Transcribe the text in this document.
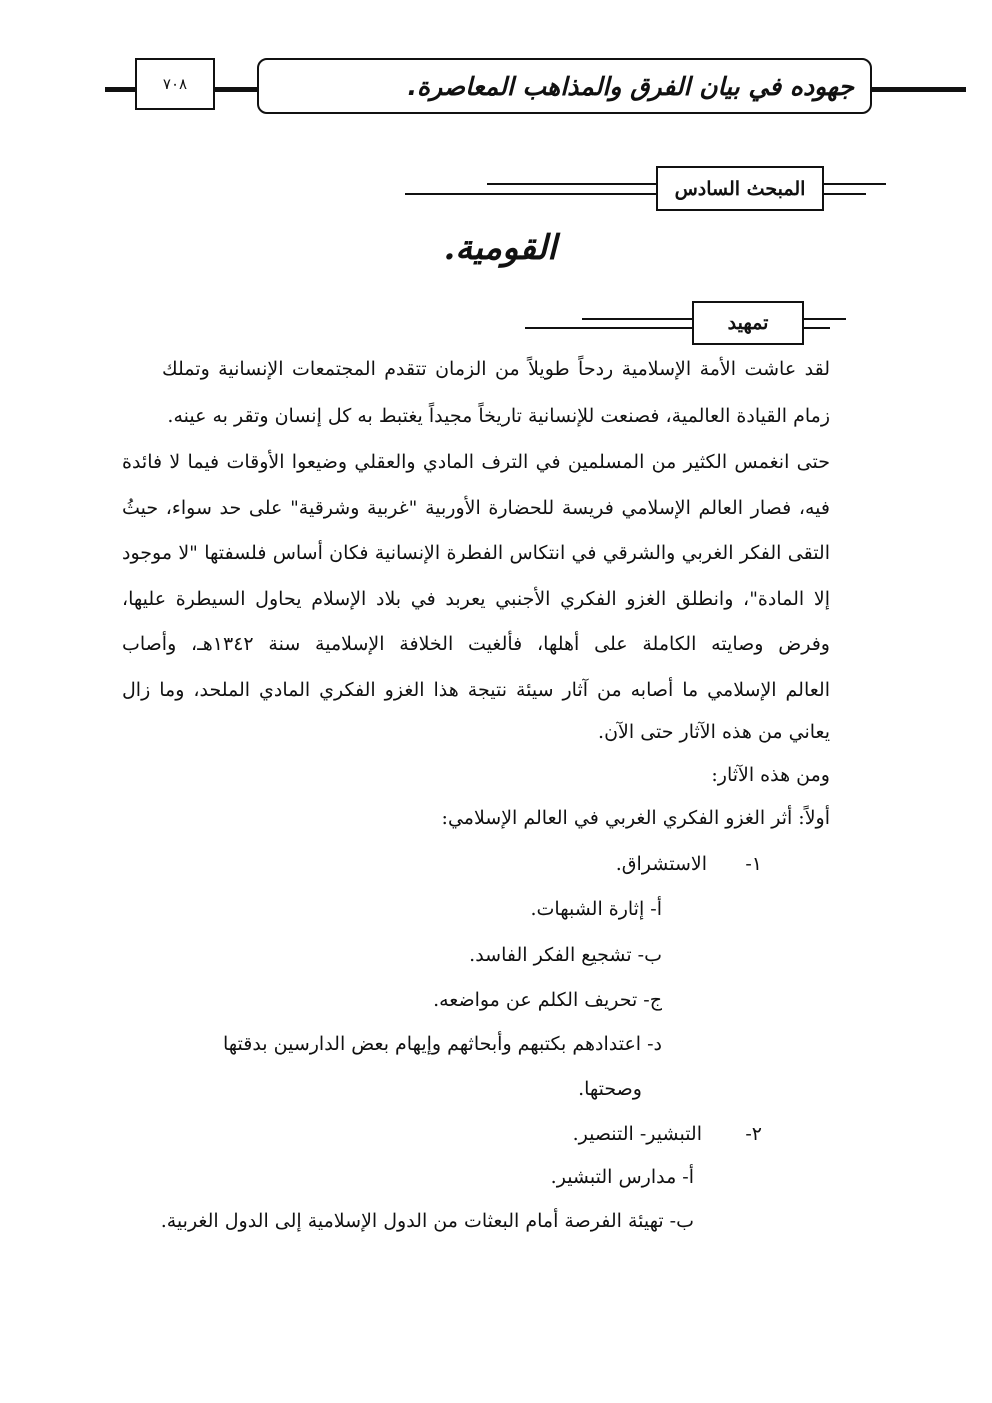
٧٠٨	جهوده في بيان الفرق والمذاهب المعاصرة.
المبحث السادس
القومية.
تمهيد
لقد عاشت الأمة الإسلامية ردحاً طويلاً من الزمان تتقدم المجتمعات الإنسانية وتملك
زمام القيادة العالمية، فصنعت للإنسانية تاريخاً مجيداً يغتبط به كل إنسان وتقر به عينه.
حتى انغمس الكثير من المسلمين في الترف المادي والعقلي وضيعوا الأوقات فيما لا فائدة
فيه، فصار العالم الإسلامي فريسة للحضارة الأوربية "غربية وشرقية" على حد سواء، حيثُ
التقى الفكر الغربي والشرقي في انتكاس الفطرة الإنسانية فكان أساس فلسفتها "لا موجود
إلا المادة"، وانطلق الغزو الفكري الأجنبي يعربد في بلاد الإسلام يحاول السيطرة عليها،
وفرض وصايته الكاملة على أهلها، فألغيت الخلافة الإسلامية سنة ١٣٤٢هـ، وأصاب
العالم الإسلامي ما أصابه من آثار سيئة نتيجة هذا الغزو الفكري المادي الملحد، وما زال
يعاني من هذه الآثار حتى الآن.
ومن هذه الآثار:
أولاً: أثر الغزو الفكري الغربي في العالم الإسلامي:
١-
الاستشراق.
أ- إثارة الشبهات.
ب- تشجيع الفكر الفاسد.
ج- تحريف الكلم عن مواضعه.
د- اعتدادهم بكتبهم وأبحاثهم وإيهام بعض الدارسين بدقتها
وصحتها.
٢-
التبشير- التنصير.
أ- مدارس التبشير.
ب- تهيئة الفرصة أمام البعثات من الدول الإسلامية إلى الدول الغربية.
